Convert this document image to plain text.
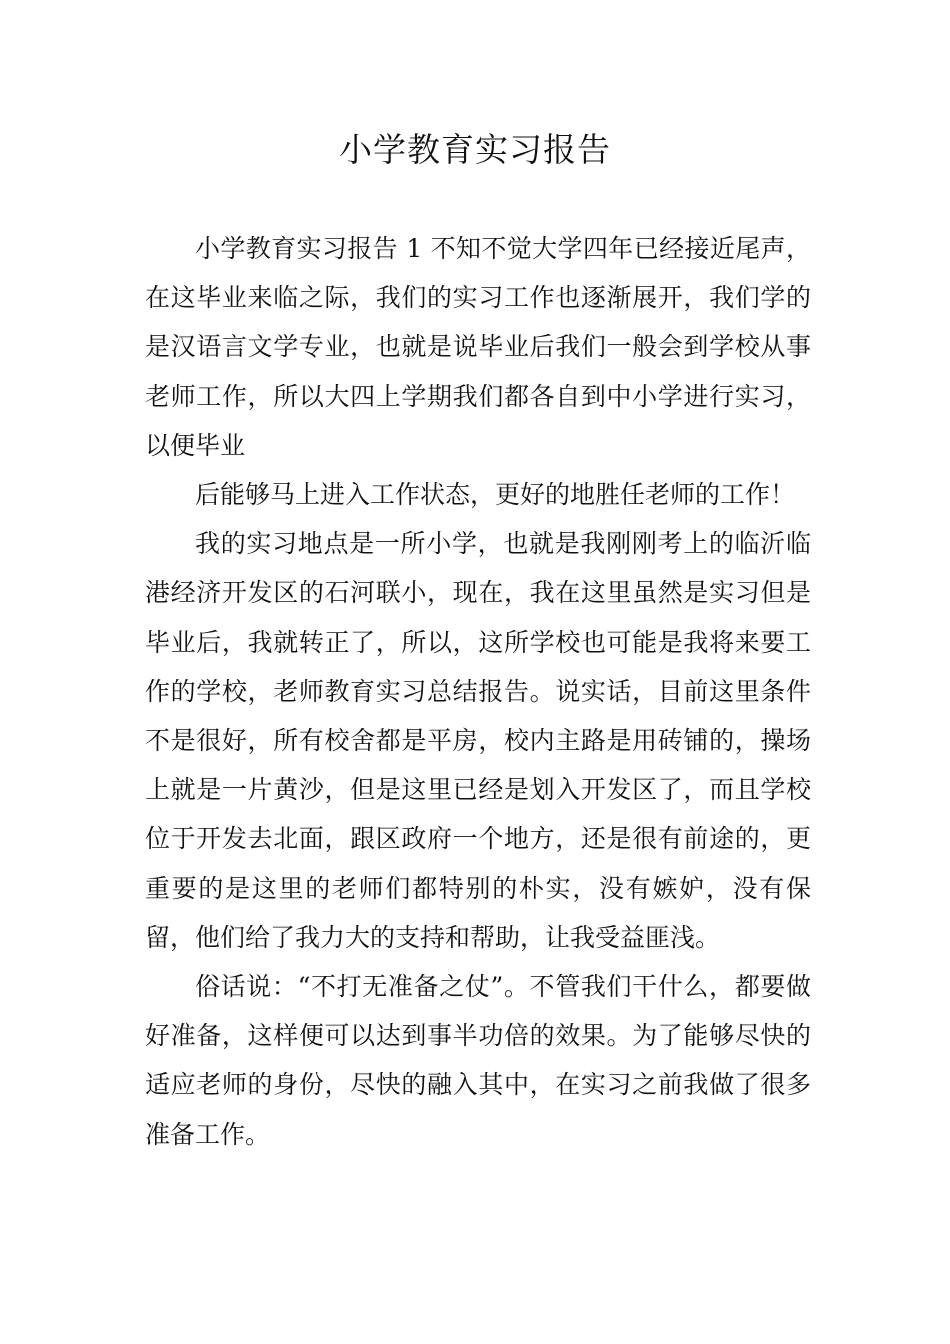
小学教育实习报告

小学教育实习报告 1 不知不觉大学四年已经接近尾声，在这毕业来临之际，我们的实习工作也逐渐展开，我们学的是汉语言文学专业，也就是说毕业后我们一般会到学校从事老师工作，所以大四上学期我们都各自到中小学进行实习，以便毕业

后能够马上进入工作状态，更好的地胜任老师的工作！

我的实习地点是一所小学，也就是我刚刚考上的临沂临港经济开发区的石河联小，现在，我在这里虽然是实习但是毕业后，我就转正了，所以，这所学校也可能是我将来要工作的学校，老师教育实习总结报告。说实话，目前这里条件不是很好，所有校舍都是平房，校内主路是用砖铺的，操场上就是一片黄沙，但是这里已经是划入开发区了，而且学校位于开发去北面，跟区政府一个地方，还是很有前途的，更重要的是这里的老师们都特别的朴实，没有嫉妒，没有保留，他们给了我力大的支持和帮助，让我受益匪浅。

俗话说：“不打无准备之仗”。不管我们干什么，都要做好准备，这样便可以达到事半功倍的效果。为了能够尽快的适应老师的身份，尽快的融入其中，在实习之前我做了很多准备工作。
